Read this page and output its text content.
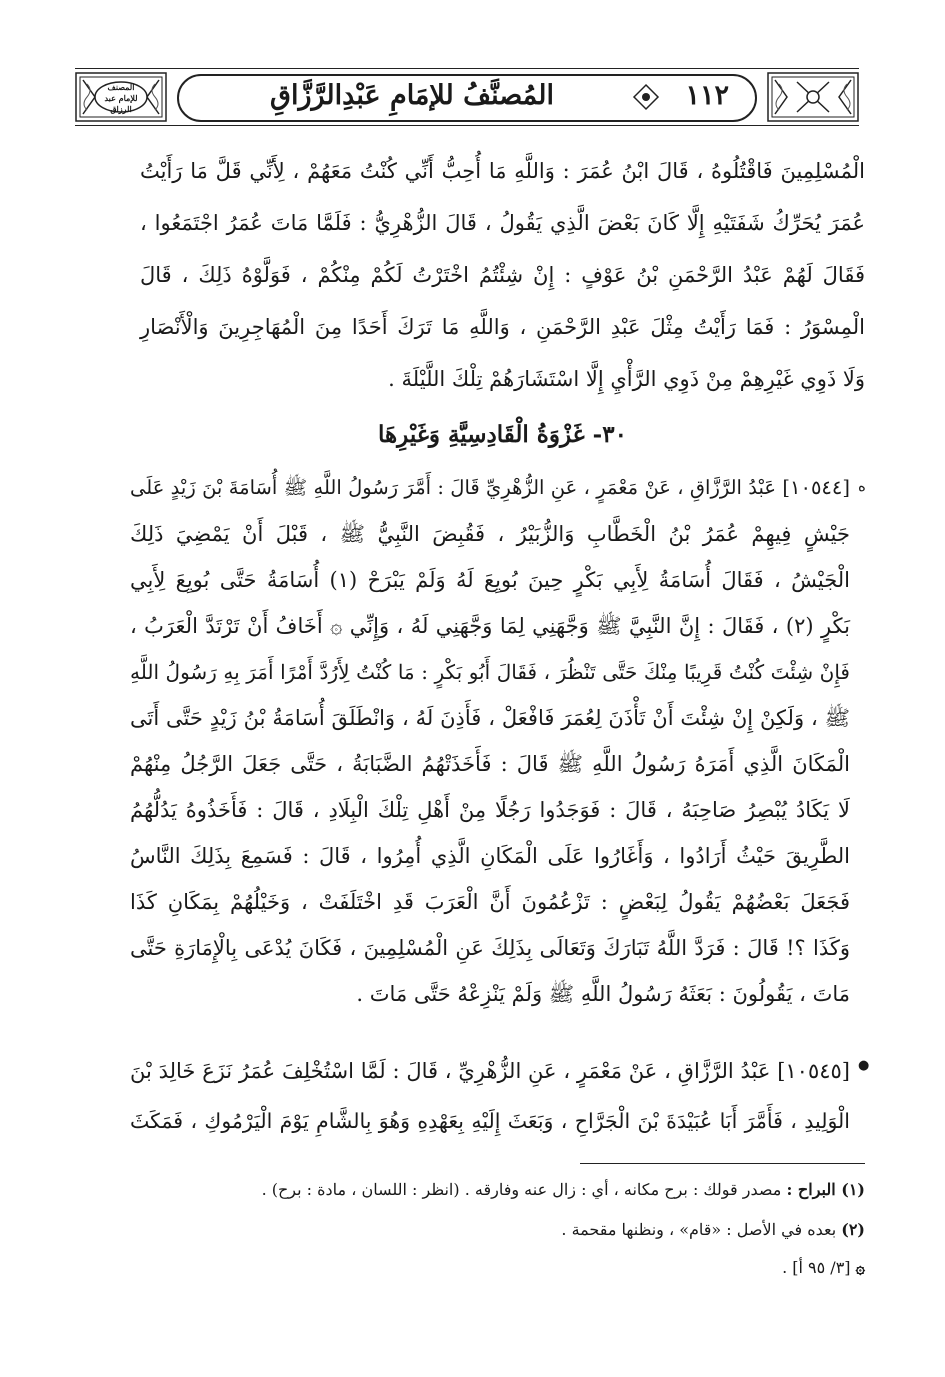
المصنف للإمام عبد الرزاق	المُصنَّفُ للإمَامِ عَبْدِالرَّزَّاقِ	١١٢
الْمُسْلِمِينَ فَاقْتُلُوهُ ، قَالَ ابْنُ عُمَرَ : وَاللَّهِ مَا أُحِبُّ أَنِّي كُنْتُ مَعَهُمْ ، لِأَنِّي قَلَّ مَا رَأَيْتُ
عُمَرَ يُحَرِّكُ شَفَتَيْهِ إِلَّا كَانَ بَعْضَ الَّذِي يَقُولُ ، قَالَ الزُّهْرِيُّ : فَلَمَّا مَاتَ عُمَرُ اجْتَمَعُوا ،
فَقَالَ لَهُمْ عَبْدُ الرَّحْمَنِ بْنُ عَوْفٍ : إِنْ شِئْتُمُ اخْتَرْتُ لَكُمْ مِنْكُمْ ، فَوَلَّوْهُ ذَلِكَ ، قَالَ
الْمِسْوَرُ : فَمَا رَأَيْتُ مِثْلَ عَبْدِ الرَّحْمَنِ ، وَاللَّهِ مَا تَرَكَ أَحَدًا مِنَ الْمُهَاجِرِينَ وَالْأَنْصَارِ
وَلَا ذَوِي غَيْرِهِمْ مِنْ ذَوِي الرَّأْيِ إِلَّا اسْتَشَارَهُمْ تِلْكَ اللَّيْلَةَ .
٣٠- غَزْوَةُ الْقَادِسِيَّةِ وَغَيْرِهَا
ه
[١٠٥٤٤] عَبْدُ الرَّزَّاقِ ، عَنْ مَعْمَرٍ ، عَنِ الزُّهْرِيِّ قَالَ : أَمَّرَ رَسُولُ اللَّهِ ﷺ أُسَامَةَ بْنَ زَيْدٍ عَلَى
جَيْشٍ فِيهِمْ عُمَرُ بْنُ الْخَطَّابِ وَالزُّبَيْرُ ، فَقُبِضَ النَّبِيُّ ﷺ ، قَبْلَ أَنْ يَمْضِيَ ذَلِكَ
الْجَيْشُ ، فَقَالَ أُسَامَةُ لِأَبِي بَكْرٍ حِينَ بُويِعَ لَهُ وَلَمْ يَبْرَحْ (١) أُسَامَةُ حَتَّى بُويِعَ لِأَبِي
بَكْرٍ (٢) ، فَقَالَ : إِنَّ النَّبِيَّ ﷺ وَجَّهَنِي لِمَا وَجَّهَنِي لَهُ ، وَإِنِّي ۞ أَخَافُ أَنْ تَرْتَدَّ الْعَرَبُ ،
فَإِنْ شِئْتَ كُنْتُ قَرِيبًا مِنْكَ حَتَّى تَنْظُرَ ، فَقَالَ أَبُو بَكْرٍ : مَا كُنْتُ لِأَرُدَّ أَمْرًا أَمَرَ بِهِ رَسُولُ اللَّهِ
ﷺ ، وَلَكِنْ إِنْ شِئْتَ أَنْ تَأْذَنَ لِعُمَرَ فَافْعَلْ ، فَأَذِنَ لَهُ ، وَانْطَلَقَ أُسَامَةُ بْنُ زَيْدٍ حَتَّى أَتَى
الْمَكَانَ الَّذِي أَمَرَهُ رَسُولُ اللَّهِ ﷺ قَالَ : فَأَخَذَتْهُمُ الضَّبَابَةُ ، حَتَّى جَعَلَ الرَّجُلُ مِنْهُمْ
لَا يَكَادُ يُبْصِرُ صَاحِبَهُ ، قَالَ : فَوَجَدُوا رَجُلًا مِنْ أَهْلِ تِلْكَ الْبِلَادِ ، قَالَ : فَأَخَذُوهُ يَدُلُّهُمُ
الطَّرِيقَ حَيْثُ أَرَادُوا ، وَأَغَارُوا عَلَى الْمَكَانِ الَّذِي أُمِرُوا ، قَالَ : فَسَمِعَ بِذَلِكَ النَّاسُ
فَجَعَلَ بَعْضُهُمْ يَقُولُ لِبَعْضٍ : تَزْعُمُونَ أَنَّ الْعَرَبَ قَدِ اخْتَلَفَتْ ، وَخَيْلُهُمْ بِمَكَانِ كَذَا
وَكَذَا ؟! قَالَ : فَرَدَّ اللَّهُ تَبَارَكَ وَتَعَالَى بِذَلِكَ عَنِ الْمُسْلِمِينَ ، فَكَانَ يُدْعَى بِالْإِمَارَةِ حَتَّى
مَاتَ ، يَقُولُونَ : بَعَثَهُ رَسُولُ اللَّهِ ﷺ وَلَمْ يَنْزِعْهُ حَتَّى مَاتَ .
●
[١٠٥٤٥] عَبْدُ الرَّزَّاقِ ، عَنْ مَعْمَرٍ ، عَنِ الزُّهْرِيِّ ، قَالَ : لَمَّا اسْتُخْلِفَ عُمَرُ نَزَعَ خَالِدَ بْنَ
الْوَلِيدِ ، فَأَمَّرَ أَبَا عُبَيْدَةَ بْنَ الْجَرَّاحِ ، وَبَعَثَ إِلَيْهِ بِعَهْدِهِ وَهُوَ بِالشَّامِ يَوْمَ الْيَرْمُوكِ ، فَمَكَثَ
(١) البراح : مصدر قولك : برح مكانه ، أي : زال عنه وفارقه . (انظر : اللسان ، مادة : برح) .
(٢) بعده في الأصل : «قام» ، ونظنها مقحمة .
۞ [٣/ ٩٥ أ] .
